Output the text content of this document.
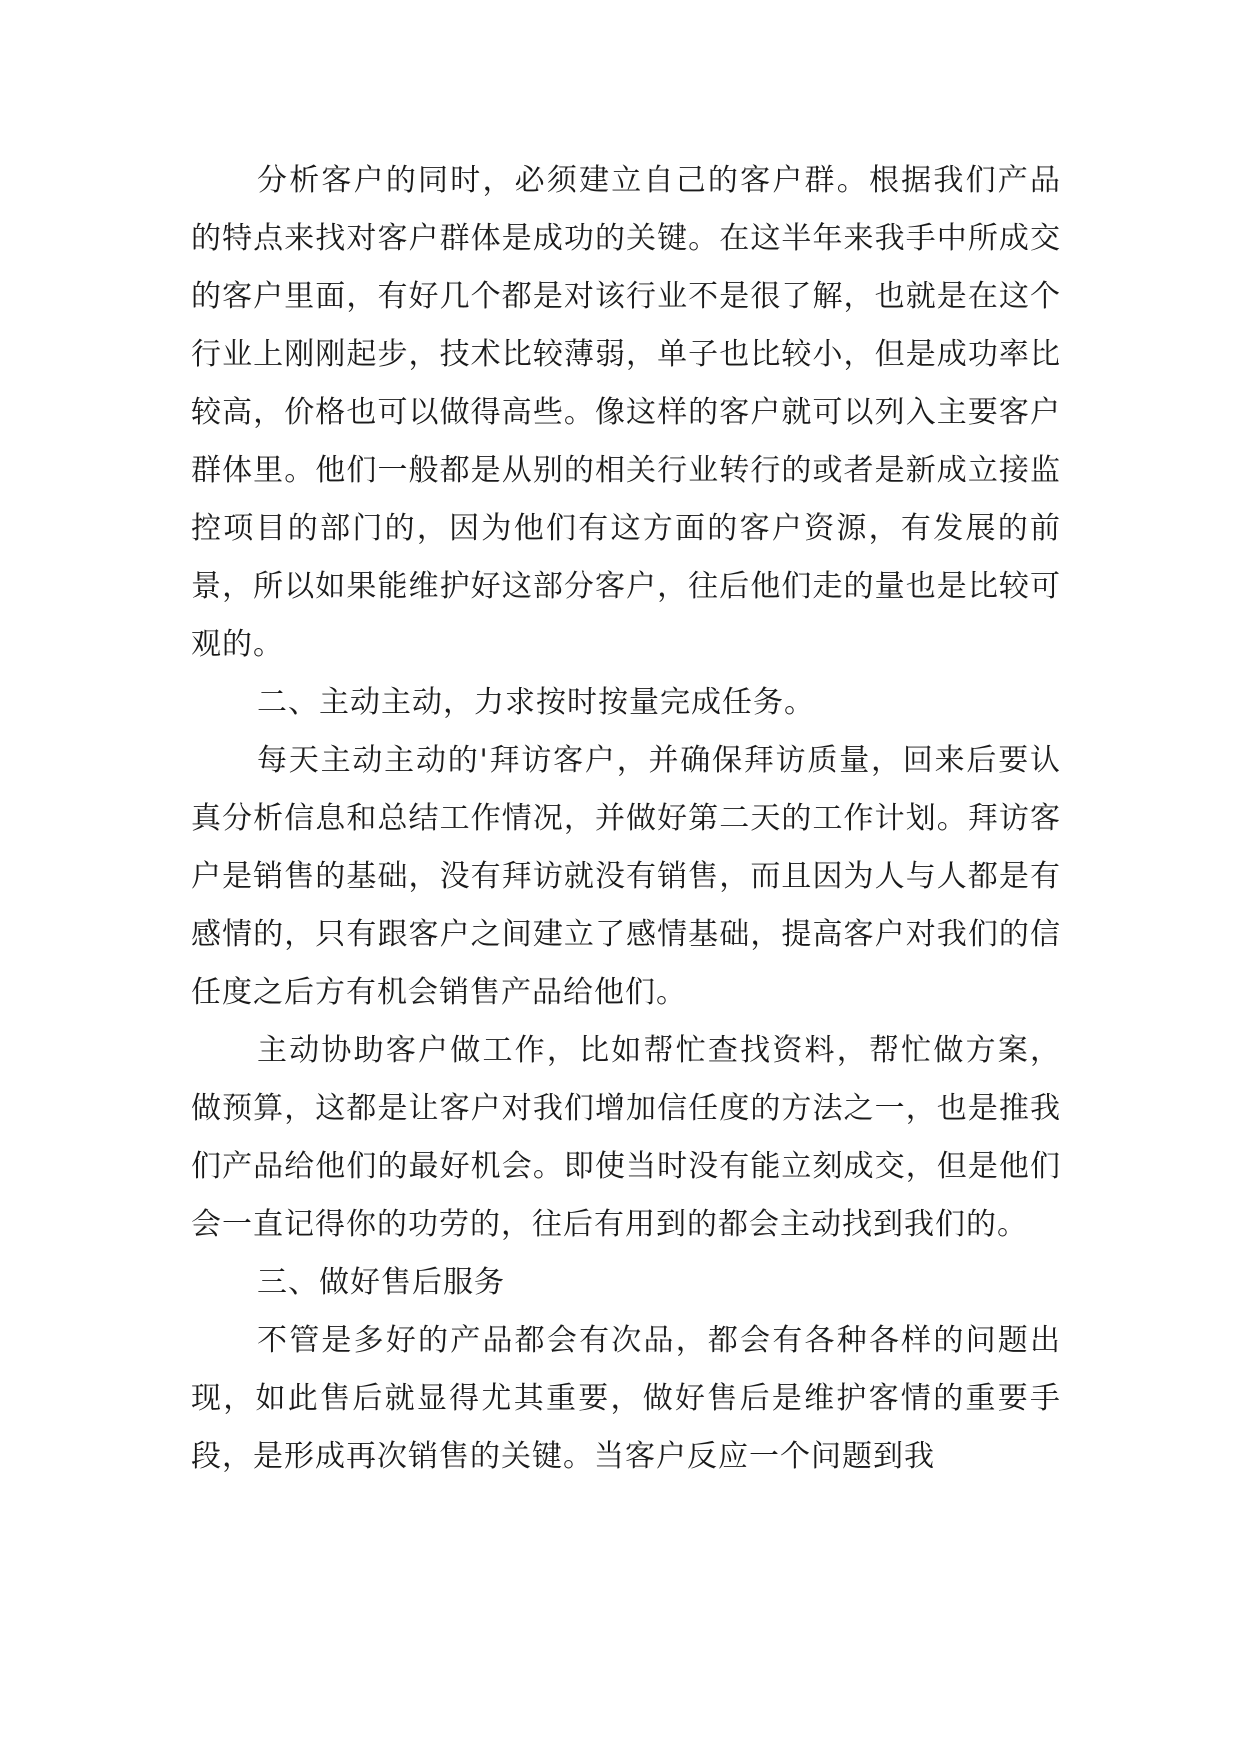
分析客户的同时，必须建立自己的客户群。根据我们产品的特点来找对客户群体是成功的关键。在这半年来我手中所成交的客户里面，有好几个都是对该行业不是很了解，也就是在这个行业上刚刚起步，技术比较薄弱，单子也比较小，但是成功率比较高，价格也可以做得高些。像这样的客户就可以列入主要客户群体里。他们一般都是从别的相关行业转行的或者是新成立接监控项目的部门的，因为他们有这方面的客户资源，有发展的前景，所以如果能维护好这部分客户，往后他们走的量也是比较可观的。

二、主动主动，力求按时按量完成任务。

每天主动主动的'拜访客户，并确保拜访质量，回来后要认真分析信息和总结工作情况，并做好第二天的工作计划。拜访客户是销售的基础，没有拜访就没有销售，而且因为人与人都是有感情的，只有跟客户之间建立了感情基础，提高客户对我们的信任度之后方有机会销售产品给他们。

主动协助客户做工作，比如帮忙查找资料，帮忙做方案，做预算，这都是让客户对我们增加信任度的方法之一，也是推我们产品给他们的最好机会。即使当时没有能立刻成交，但是他们会一直记得你的功劳的，往后有用到的都会主动找到我们的。

三、做好售后服务

不管是多好的产品都会有次品，都会有各种各样的问题出现，如此售后就显得尤其重要，做好售后是维护客情的重要手段，是形成再次销售的关键。当客户反应一个问题到我
